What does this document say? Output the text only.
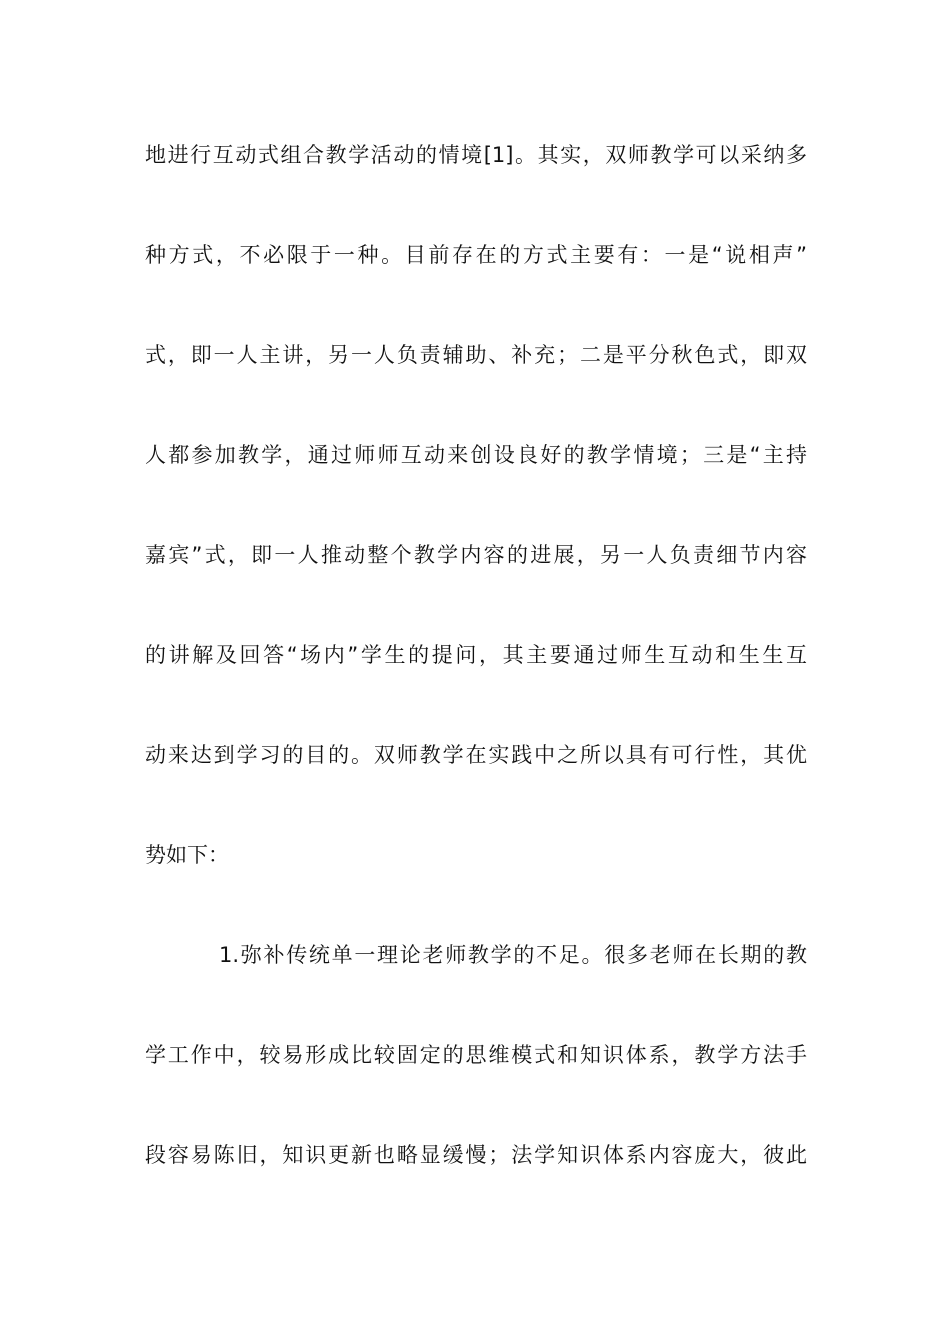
地进行互动式组合教学活动的情境[1]。其实，双师教学可以采纳多
种方式，不必限于一种。目前存在的方式主要有：一是“说相声”
式，即一人主讲，另一人负责辅助、补充；二是平分秋色式，即双
人都参加教学，通过师师互动来创设良好的教学情境；三是“主持
嘉宾”式，即一人推动整个教学内容的进展，另一人负责细节内容
的讲解及回答“场内”学生的提问，其主要通过师生互动和生生互
动来达到学习的目的。双师教学在实践中之所以具有可行性，其优
势如下：
1.弥补传统单一理论老师教学的不足。很多老师在长期的教
学工作中，较易形成比较固定的思维模式和知识体系，教学方法手
段容易陈旧，知识更新也略显缓慢；法学知识体系内容庞大，彼此
